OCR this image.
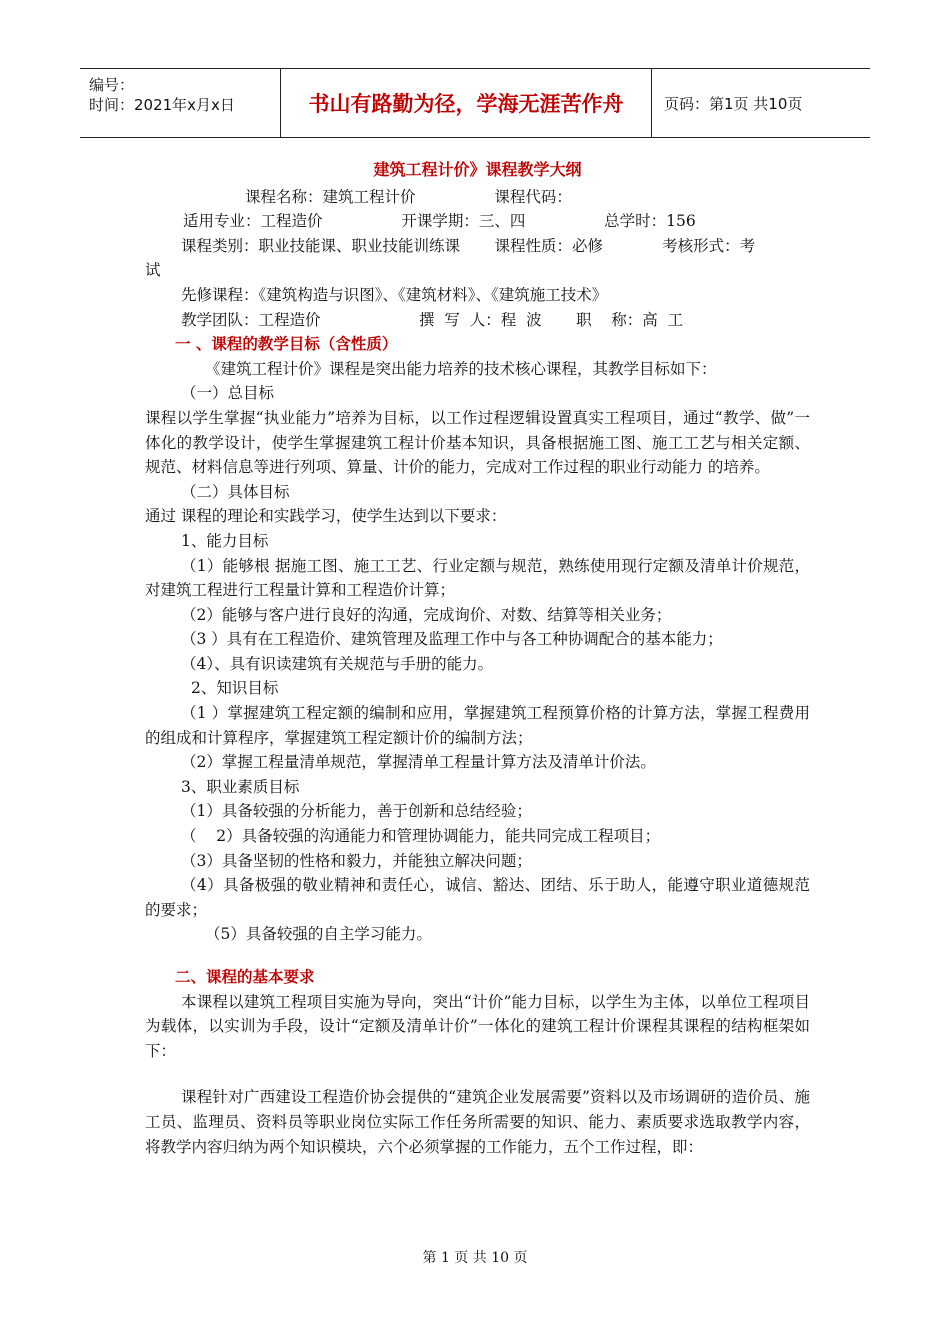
编号：
时间：2021年x月x日	书山有路勤为径，学海无涯苦作舟	页码：第1页 共10页
建筑工程计价》课程教学大纲
课程名称：建筑工程计价                课程代码：
适用专业：工程造价                开课学期：三、四                总学时：156
课程类别：职业技能课、职业技能训练课       课程性质：必修            考核形式：考
试
先修课程：《建筑构造与识图》、《建筑材料》、《建筑施工技术》
教学团队：工程造价                    撰  写  人：程  波       职    称：高  工
一 、课程的教学目标（含性质）
《建筑工程计价》课程是突出能力培养的技术核心课程，其教学目标如下：
（一）总目标
课程以学生掌握“执业能力”培养为目标，以工作过程逻辑设置真实工程项目，通过“教学、做”一体化的教学设计，使学生掌握建筑工程计价基本知识，具备根据施工图、施工工艺与相关定额、规范、材料信息等进行列项、算量、计价的能力，完成对工作过程的职业行动能力 的培养。
（二）具体目标
通过 课程的理论和实践学习，使学生达到以下要求：
1、能力目标
（1）能够根 据施工图、施工工艺、行业定额与规范，熟练使用现行定额及清单计价规范， 对建筑工程进行工程量计算和工程造价计算；
（2）能够与客户进行良好的沟通，完成询价、对数、结算等相关业务；
（3 ）具有在工程造价、建筑管理及监理工作中与各工种协调配合的基本能力；
（4）、具有识读建筑有关规范与手册的能力。
2、知识目标
（1 ）掌握建筑工程定额的编制和应用，掌握建筑工程预算价格的计算方法，掌握工程费用的组成和计算程序，掌握建筑工程定额计价的编制方法；
（2）掌握工程量清单规范，掌握清单工程量计算方法及清单计价法。
3、职业素质目标
（1）具备较强的分析能力，善于创新和总结经验；
（    2）具备较强的沟通能力和管理协调能力，能共同完成工程项目；
（3）具备坚韧的性格和毅力，并能独立解决问题；
（4）具备极强的敬业精神和责任心，诚信、豁达、团结、乐于助人，能遵守职业道德规范的要求；
（5）具备较强的自主学习能力。
二、课程的基本要求
本课程以建筑工程项目实施为导向，突出“计价”能力目标，以学生为主体，以单位工程项目为载体，以实训为手段，设计“定额及清单计价”一体化的建筑工程计价课程其课程的结构框架如下：
课程针对广西建设工程造价协会提供的“建筑企业发展需要”资料以及市场调研的造价员、施工员、监理员、资料员等职业岗位实际工作任务所需要的知识、能力、素质要求选取教学内容，将教学内容归纳为两个知识模块，六个必须掌握的工作能力，五个工作过程，即：
第 1 页 共 10 页
